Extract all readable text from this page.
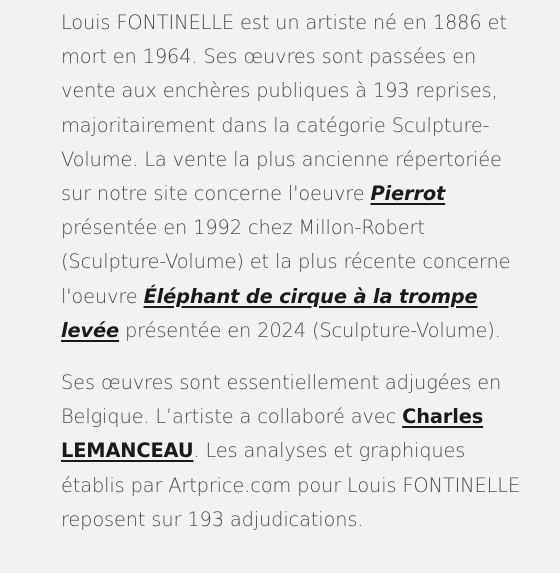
Louis FONTINELLE est un artiste né en 1886 et mort en 1964. Ses œuvres sont passées en vente aux enchères publiques à 193 reprises, majoritairement dans la catégorie Sculpture-Volume. La vente la plus ancienne répertoriée sur notre site concerne l'oeuvre Pierrot présentée en 1992 chez Millon-Robert (Sculpture-Volume) et la plus récente concerne l'oeuvre Éléphant de cirque à la trompe levée présentée en 2024 (Sculpture-Volume).

Ses œuvres sont essentiellement adjugées en Belgique. L’artiste a collaboré avec Charles LEMANCEAU. Les analyses et graphiques établis par Artprice.com pour Louis FONTINELLE reposent sur 193 adjudications.
